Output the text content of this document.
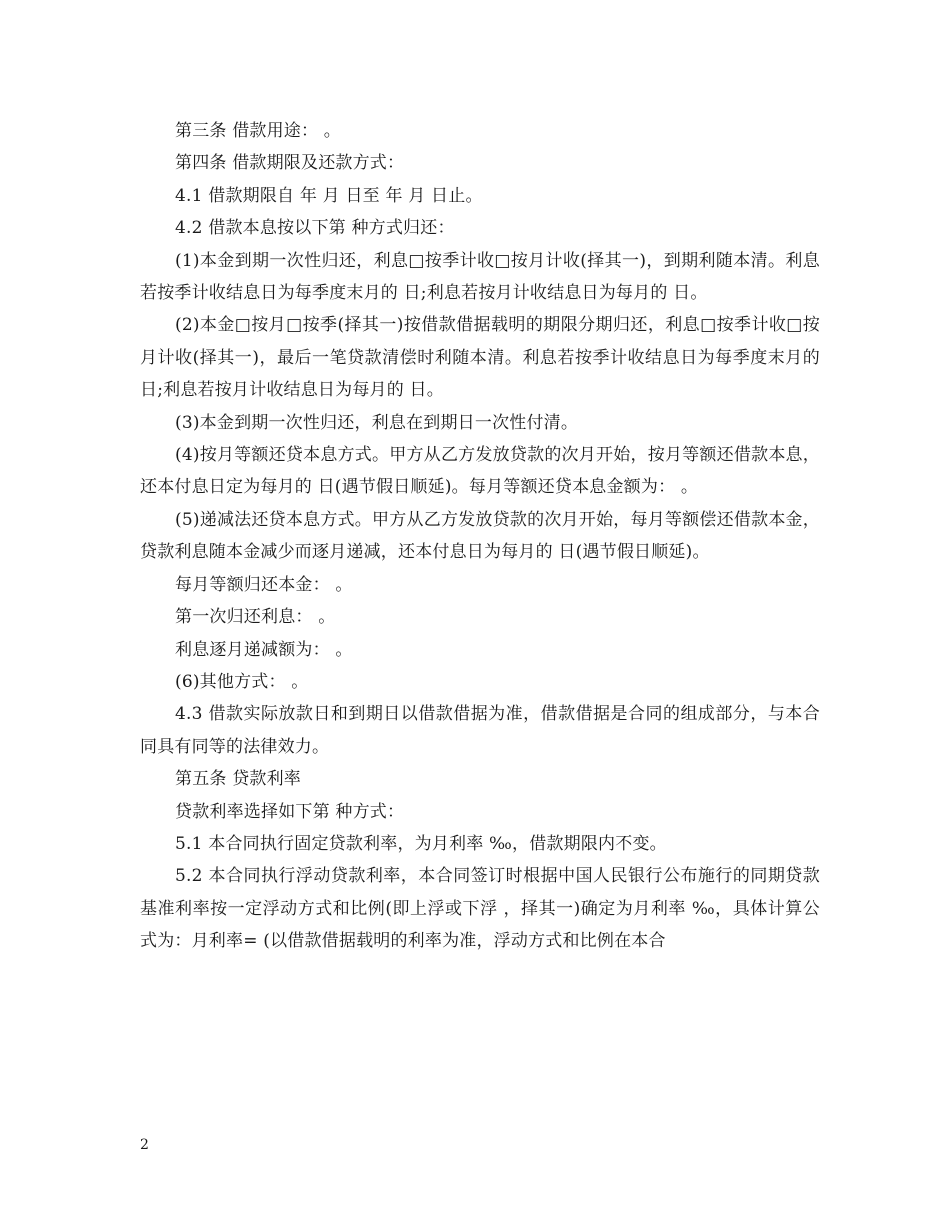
第三条 借款用途： 。

第四条 借款期限及还款方式：

4.1 借款期限自 年 月 日至 年 月 日止。

4.2 借款本息按以下第 种方式归还：

(1)本金到期一次性归还，利息□按季计收□按月计收(择其一)，到期利随本清。利息若按季计收结息日为每季度末月的 日;利息若按月计收结息日为每月的 日。

(2)本金□按月□按季(择其一)按借款借据载明的期限分期归还，利息□按季计收□按月计收(择其一)，最后一笔贷款清偿时利随本清。利息若按季计收结息日为每季度末月的 日;利息若按月计收结息日为每月的 日。

(3)本金到期一次性归还，利息在到期日一次性付清。

(4)按月等额还贷本息方式。甲方从乙方发放贷款的次月开始，按月等额还借款本息，还本付息日定为每月的 日(遇节假日顺延)。每月等额还贷本息金额为： 。

(5)递减法还贷本息方式。甲方从乙方发放贷款的次月开始，每月等额偿还借款本金，贷款利息随本金减少而逐月递减，还本付息日为每月的 日(遇节假日顺延)。

每月等额归还本金： 。

第一次归还利息： 。

利息逐月递减额为： 。

(6)其他方式： 。

4.3 借款实际放款日和到期日以借款借据为准，借款借据是合同的组成部分，与本合同具有同等的法律效力。

第五条 贷款利率

贷款利率选择如下第 种方式：

5.1 本合同执行固定贷款利率，为月利率 ‰，借款期限内不变。

5.2 本合同执行浮动贷款利率，本合同签订时根据中国人民银行公布施行的同期贷款基准利率按一定浮动方式和比例(即上浮或下浮 ，择其一)确定为月利率 ‰，具体计算公式为：月利率= (以借款借据载明的利率为准，浮动方式和比例在本合

2
